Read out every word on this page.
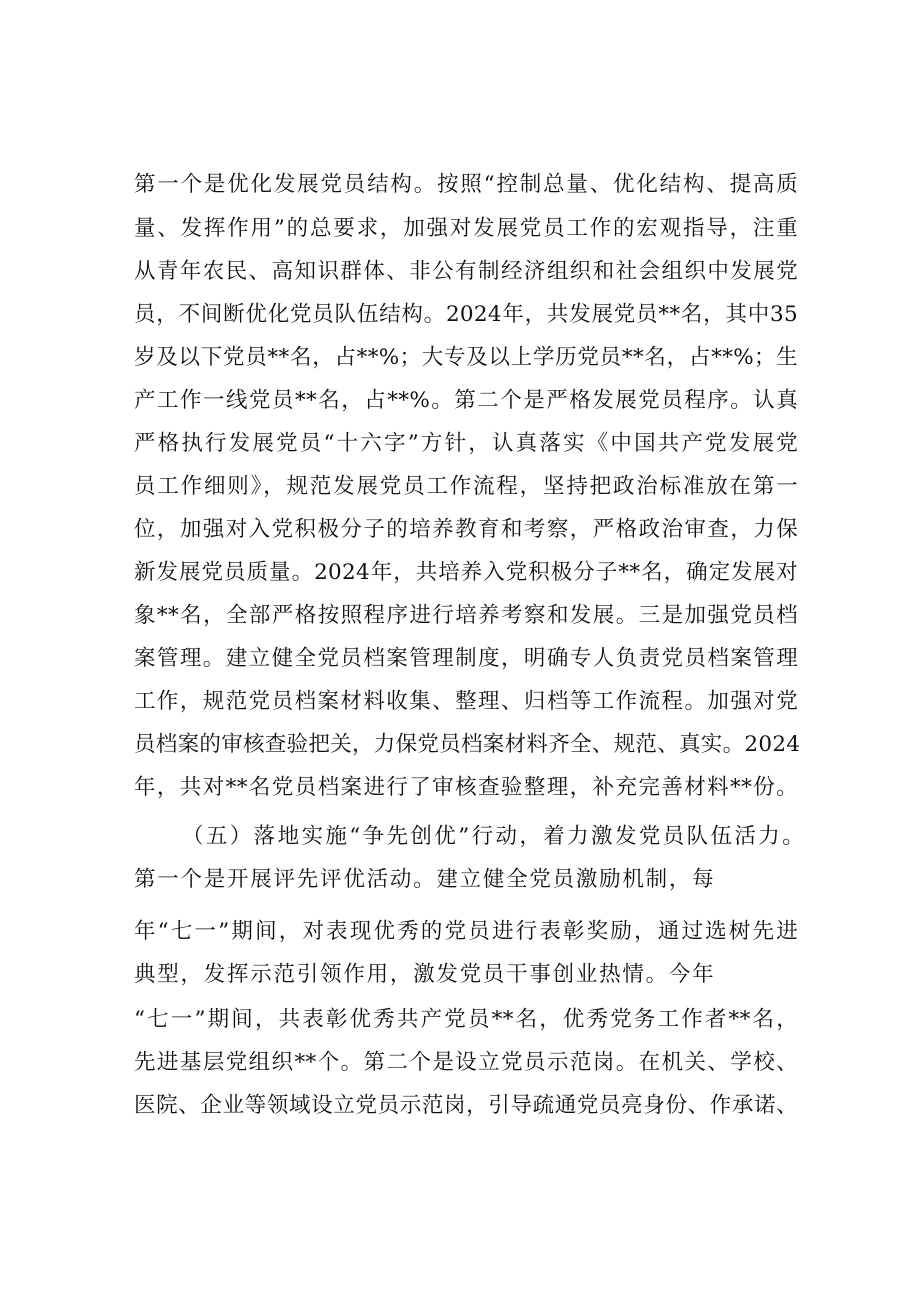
第一个是优化发展党员结构。按照“控制总量、优化结构、提高质

量、发挥作用”的总要求，加强对发展党员工作的宏观指导，注重

从青年农民、高知识群体、非公有制经济组织和社会组织中发展党

员，不间断优化党员队伍结构。2024年，共发展党员**名，其中35

岁及以下党员**名，占**%；大专及以上学历党员**名，占**%；生

产工作一线党员**名，占**%。第二个是严格发展党员程序。认真

严格执行发展党员“十六字”方针，认真落实《中国共产党发展党

员工作细则》，规范发展党员工作流程，坚持把政治标准放在第一

位，加强对入党积极分子的培养教育和考察，严格政治审查，力保

新发展党员质量。2024年，共培养入党积极分子**名，确定发展对

象**名，全部严格按照程序进行培养考察和发展。三是加强党员档

案管理。建立健全党员档案管理制度，明确专人负责党员档案管理

工作，规范党员档案材料收集、整理、归档等工作流程。加强对党

员档案的审核查验把关，力保党员档案材料齐全、规范、真实。2024

年，共对**名党员档案进行了审核查验整理，补充完善材料**份。

（五）落地实施“争先创优”行动，着力激发党员队伍活力。

第一个是开展评先评优活动。建立健全党员激励机制，每

年“七一”期间，对表现优秀的党员进行表彰奖励，通过选树先进

典型，发挥示范引领作用，激发党员干事创业热情。今年

“七一”期间，共表彰优秀共产党员**名，优秀党务工作者**名，

先进基层党组织**个。第二个是设立党员示范岗。在机关、学校、

医院、企业等领域设立党员示范岗，引导疏通党员亮身份、作承诺、
